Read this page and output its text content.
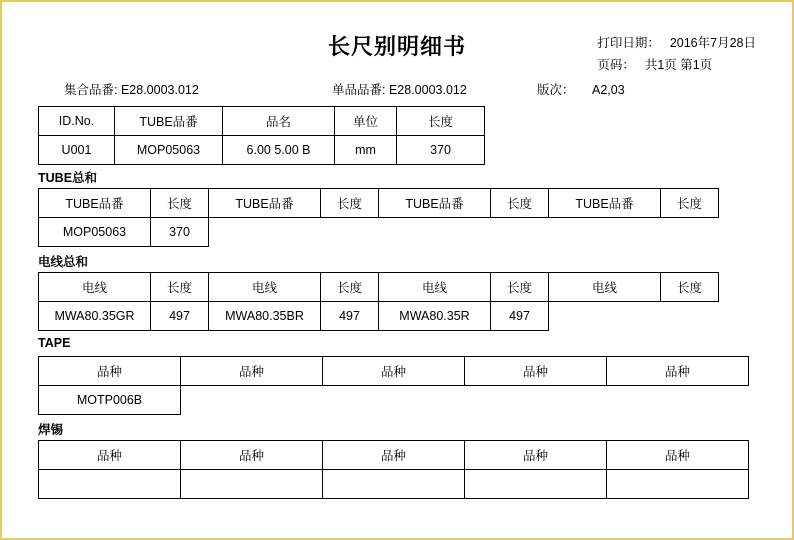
长尺别明细书	打印日期： 2016年7月28日
页码： 共1页 第1页
集合品番: E28.0003.012	单品品番: E28.0003.012	版次： A2,03
ID.No.	TUBE品番	品名	单位	长度
U001	MOP05063	6.00 5.00 B	mm	370
TUBE总和
TUBE品番	长度	TUBE品番	长度	TUBE品番	长度	TUBE品番	长度
MOP05063	370						
电线总和
电线	长度	电线	长度	电线	长度	电线	长度
MWA80.35GR	497	MWA80.35BR	497	MWA80.35R	497		
TAPE
品种	品种	品种	品种	品种
MOTP006B				
焊锡
品种	品种	品种	品种	品种
